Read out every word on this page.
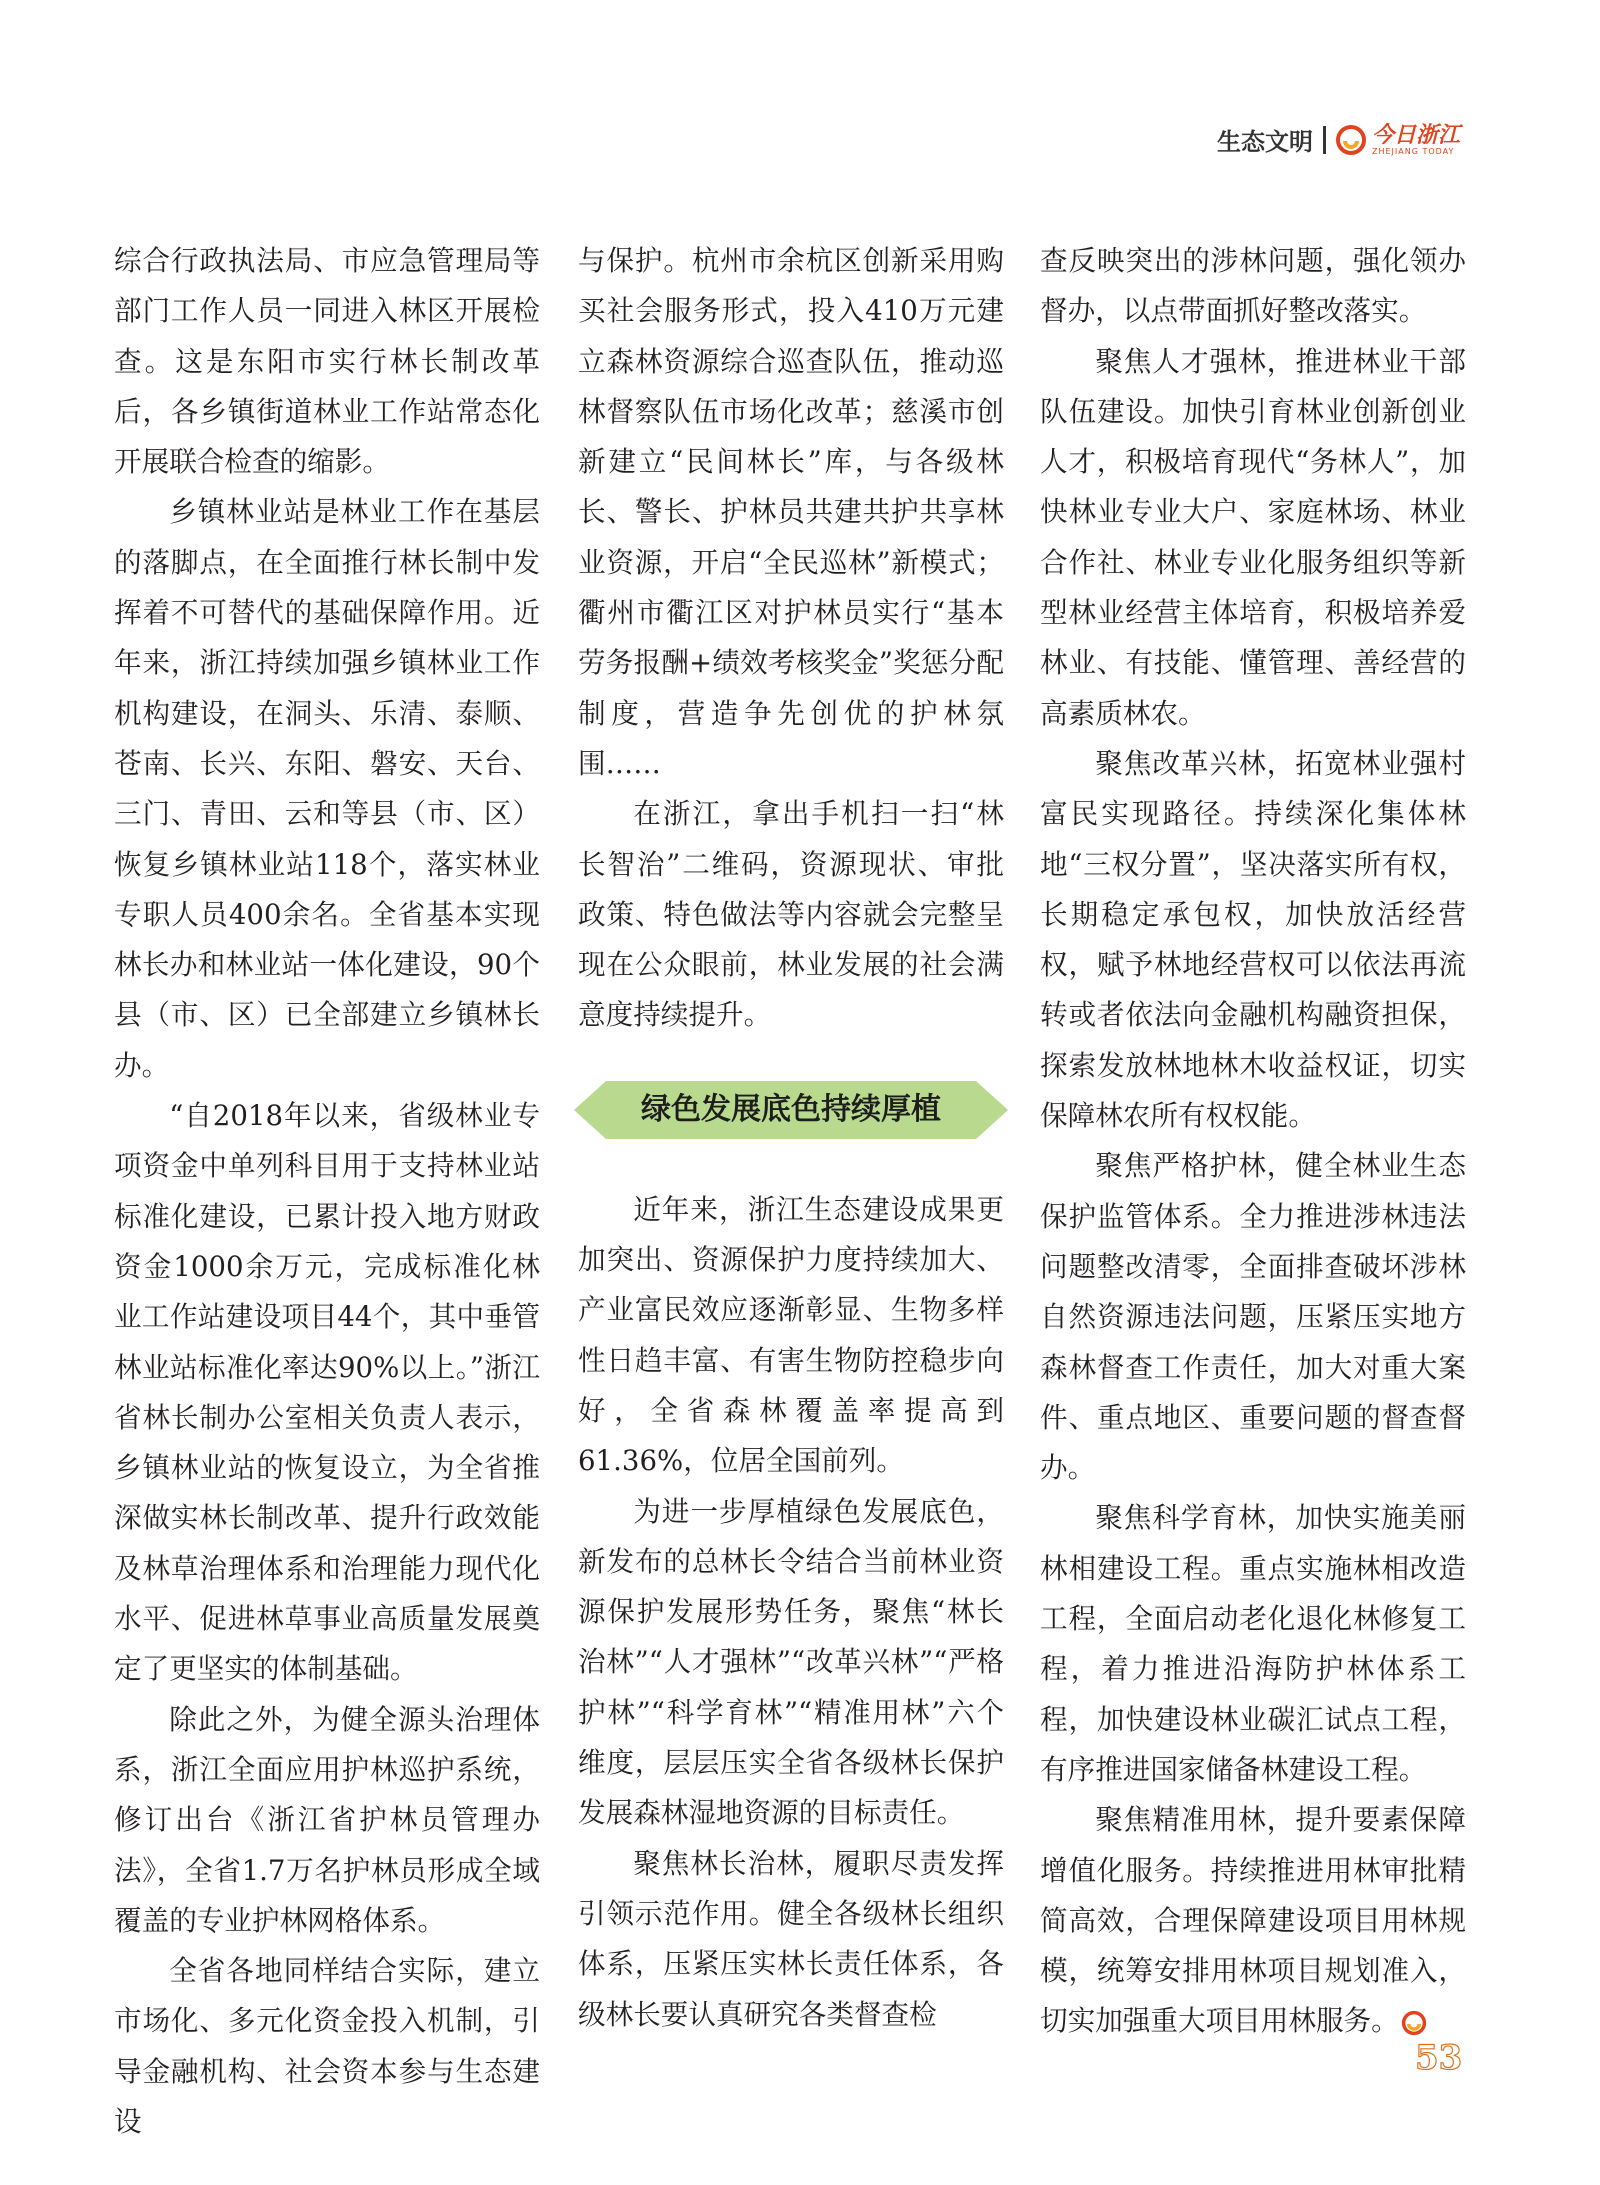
生态文明	今日浙江
ZHEJIANG TODAY

综合行政执法局、市应急管理局等部门工作人员一同进入林区开展检查。这是东阳市实行林长制改革后，各乡镇街道林业工作站常态化开展联合检查的缩影。

乡镇林业站是林业工作在基层的落脚点，在全面推行林长制中发挥着不可替代的基础保障作用。近年来，浙江持续加强乡镇林业工作机构建设，在洞头、乐清、泰顺、苍南、长兴、东阳、磐安、天台、三门、青田、云和等县（市、区）恢复乡镇林业站118个，落实林业专职人员400余名。全省基本实现林长办和林业站一体化建设，90个县（市、区）已全部建立乡镇林长办。

“自2018年以来，省级林业专项资金中单列科目用于支持林业站标准化建设，已累计投入地方财政资金1000余万元，完成标准化林业工作站建设项目44个，其中垂管林业站标准化率达90%以上。”浙江省林长制办公室相关负责人表示，乡镇林业站的恢复设立，为全省推深做实林长制改革、提升行政效能及林草治理体系和治理能力现代化水平、促进林草事业高质量发展奠定了更坚实的体制基础。

除此之外，为健全源头治理体系，浙江全面应用护林巡护系统，修订出台《浙江省护林员管理办法》，全省1.7万名护林员形成全域覆盖的专业护林网格体系。

全省各地同样结合实际，建立市场化、多元化资金投入机制，引导金融机构、社会资本参与生态建设

与保护。杭州市余杭区创新采用购买社会服务形式，投入410万元建立森林资源综合巡查队伍，推动巡林督察队伍市场化改革；慈溪市创新建立“民间林长”库，与各级林长、警长、护林员共建共护共享林业资源，开启“全民巡林”新模式；衢州市衢江区对护林员实行“基本劳务报酬+绩效考核奖金”奖惩分配制度，营造争先创优的护林氛围……

在浙江，拿出手机扫一扫“林长智治”二维码，资源现状、审批政策、特色做法等内容就会完整呈现在公众眼前，林业发展的社会满意度持续提升。

绿色发展底色持续厚植

近年来，浙江生态建设成果更加突出、资源保护力度持续加大、产业富民效应逐渐彰显、生物多样性日趋丰富、有害生物防控稳步向好，全省森林覆盖率提高到61.36%，位居全国前列。

为进一步厚植绿色发展底色，新发布的总林长令结合当前林业资源保护发展形势任务，聚焦“林长治林”“人才强林”“改革兴林”“严格护林”“科学育林”“精准用林”六个维度，层层压实全省各级林长保护发展森林湿地资源的目标责任。

聚焦林长治林，履职尽责发挥引领示范作用。健全各级林长组织体系，压紧压实林长责任体系，各级林长要认真研究各类督查检

查反映突出的涉林问题，强化领办督办，以点带面抓好整改落实。

聚焦人才强林，推进林业干部队伍建设。加快引育林业创新创业人才，积极培育现代“务林人”，加快林业专业大户、家庭林场、林业合作社、林业专业化服务组织等新型林业经营主体培育，积极培养爱林业、有技能、懂管理、善经营的高素质林农。

聚焦改革兴林，拓宽林业强村富民实现路径。持续深化集体林地“三权分置”，坚决落实所有权，长期稳定承包权，加快放活经营权，赋予林地经营权可以依法再流转或者依法向金融机构融资担保，探索发放林地林木收益权证，切实保障林农所有权权能。

聚焦严格护林，健全林业生态保护监管体系。全力推进涉林违法问题整改清零，全面排查破坏涉林自然资源违法问题，压紧压实地方森林督查工作责任，加大对重大案件、重点地区、重要问题的督查督办。

聚焦科学育林，加快实施美丽林相建设工程。重点实施林相改造工程，全面启动老化退化林修复工程，着力推进沿海防护林体系工程，加快建设林业碳汇试点工程，有序推进国家储备林建设工程。

聚焦精准用林，提升要素保障增值化服务。持续推进用林审批精简高效，合理保障建设项目用林规模，统筹安排用林项目规划准入，切实加强重大项目用林服务。

53
